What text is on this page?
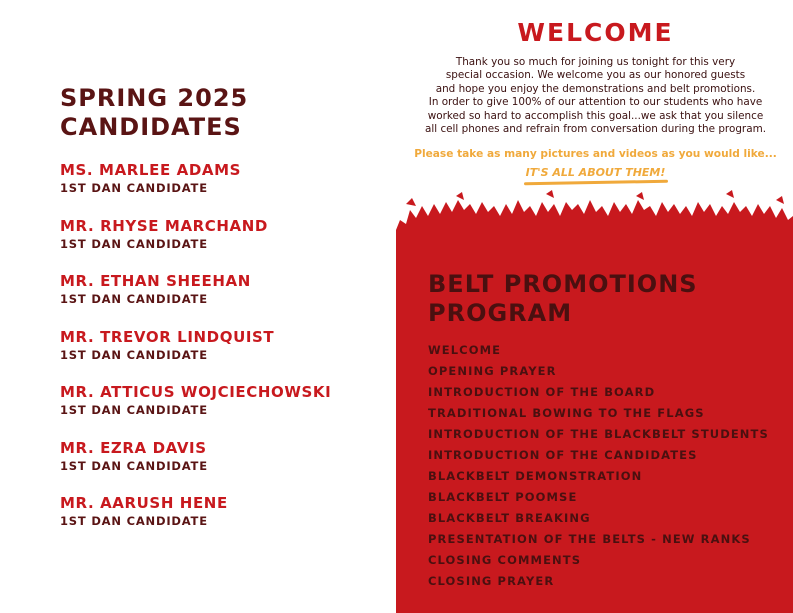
SPRING 2025
CANDIDATES
MS. MARLEE ADAMS
1ST DAN CANDIDATE
MR. RHYSE MARCHAND
1ST DAN CANDIDATE
MR. ETHAN SHEEHAN
1ST DAN CANDIDATE
MR. TREVOR LINDQUIST
1ST DAN CANDIDATE
MR. ATTICUS WOJCIECHOWSKI
1ST DAN CANDIDATE
MR. EZRA DAVIS
1ST DAN CANDIDATE
MR. AARUSH HENE
1ST DAN CANDIDATE
WELCOME

Thank you so much for joining us tonight for this very
special occasion. We welcome you as our honored guests
and hope you enjoy the demonstrations and belt promotions.
In order to give 100% of our attention to our students who have
worked so hard to accomplish this goal...we ask that you silence
all cell phones and refrain from conversation during the program.

Please take as many pictures and videos as you would like...

IT'S ALL ABOUT THEM!
BELT PROMOTIONS
PROGRAM
WELCOME
OPENING PRAYER
INTRODUCTION OF THE BOARD
TRADITIONAL BOWING TO THE FLAGS
INTRODUCTION OF THE BLACKBELT STUDENTS
INTRODUCTION OF THE CANDIDATES
BLACKBELT DEMONSTRATION
BLACKBELT POOMSE
BLACKBELT BREAKING
PRESENTATION OF THE BELTS - NEW RANKS
CLOSING COMMENTS
CLOSING PRAYER
